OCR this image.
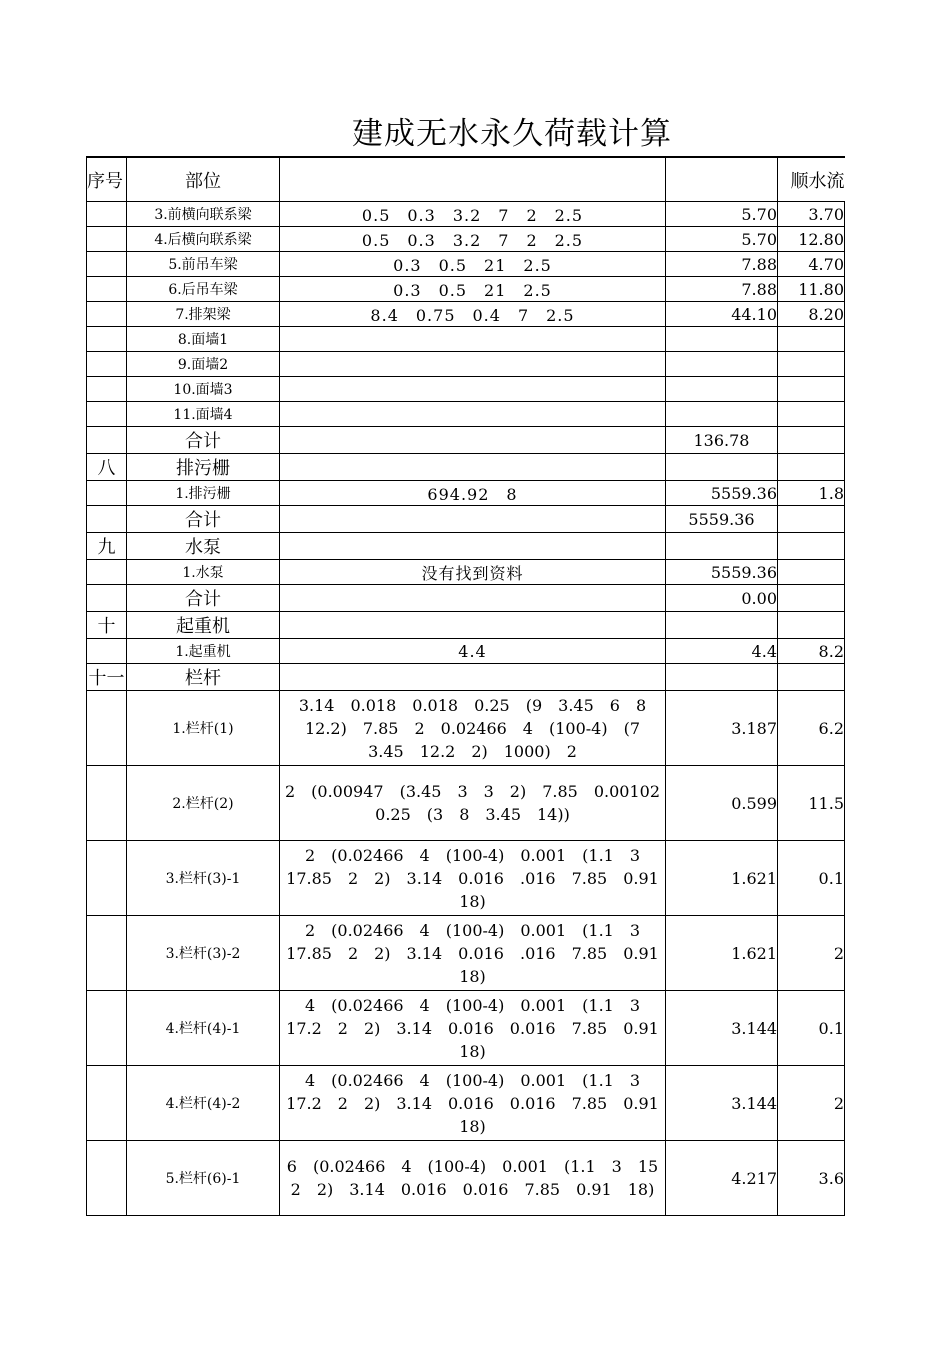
建成无水永久荷载计算
序号	部位			顺水流
	3.前横向联系梁	0.5　0.3　3.2　7　2　2.5	5.70	3.70
	4.后横向联系梁	0.5　0.3　3.2　7　2　2.5	5.70	12.80
	5.前吊车梁	0.3　0.5　21　2.5	7.88	4.70
	6.后吊车梁	0.3　0.5　21　2.5	7.88	11.80
	7.排架梁	8.4　0.75　0.4　7　2.5	44.10	8.20
	8.面墙1			
	9.面墙2			
	10.面墙3			
	11.面墙4			
	合计		136.78	
八	排污栅			
	1.排污栅	694.92　8	5559.36	1.8
	合计		5559.36	
九	水泵			
	1.水泵	没有找到资料	5559.36	
	合计		0.00	
十	起重机			
	1.起重机	4.4	4.4	8.2
十一	栏杆			
	1.栏杆(1)	3.14　0.018　0.018　0.25　(9　3.45　6　8　12.2)　7.85　2　0.02466　4　(100-4)　(7　3.45　12.2　2)　1000)　2	3.187	6.2
	2.栏杆(2)	2　(0.00947　(3.45　3　3　2)　7.85　0.00102　0.25　(3　8　3.45　14))	0.599	11.5
	3.栏杆(3)-1	2　(0.02466　4　(100-4)　0.001　(1.1　3　17.85　2　2)　3.14　0.016　.016　7.85　0.91　18)	1.621	0.1
	3.栏杆(3)-2	2　(0.02466　4　(100-4)　0.001　(1.1　3　17.85　2　2)　3.14　0.016　.016　7.85　0.91　18)	1.621	2
	4.栏杆(4)-1	4　(0.02466　4　(100-4)　0.001　(1.1　3　17.2　2　2)　3.14　0.016　0.016　7.85　0.91　18)	3.144	0.1
	4.栏杆(4)-2	4　(0.02466　4　(100-4)　0.001　(1.1　3　17.2　2　2)　3.14　0.016　0.016　7.85　0.91　18)	3.144	2
	5.栏杆(6)-1	6　(0.02466　4　(100-4)　0.001　(1.1　3　15　2　2)　3.14　0.016　0.016　7.85　0.91　18)	4.217	3.6
